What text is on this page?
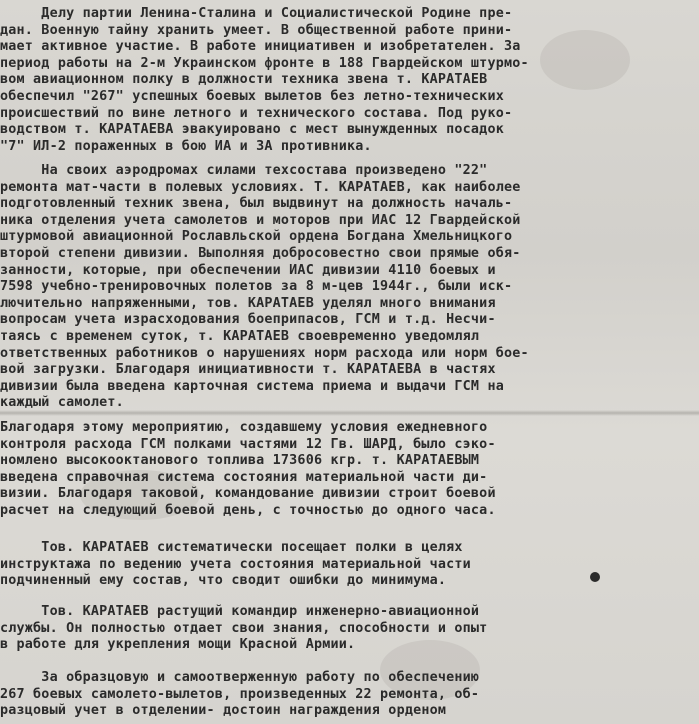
Делу партии Ленина-Сталина и Социалистической Родине пре-
дан. Военную тайну хранить умеет. В общественной работе прини-
мает активное участие. В работе инициативен и изобретателен. За
период работы на 2-м Украинском фронте в 188 Гвардейском штурмо-
вом авиационном полку в должности техника звена т. КАРАТАЕВ
обеспечил "267" успешных боевых вылетов без летно-технических
происшествий по вине летного и технического состава. Под руко-
водством т. КАРАТАЕВА эвакуировано с мест вынужденных посадок
"7" ИЛ-2 пораженных в бою ИА и ЗА противника.

На своих аэродромах силами техсостава произведено "22"
ремонта мат-части в полевых условиях. Т. КАРАТАЕВ, как наиболее
подготовленный техник звена, был выдвинут на должность началь-
ника отделения учета самолетов и моторов при ИАС 12 Гвардейской
штурмовой авиационной Рославльской ордена Богдана Хмельницкого
второй степени дивизии. Выполняя добросовестно свои прямые обя-
занности, которые, при обеспечении ИАС дивизии 4110 боевых и
7598 учебно-тренировочных полетов за 8 м-цев 1944г., были иск-
лючительно напряженными, тов. КАРАТАЕВ уделял много внимания
вопросам учета израсходования боеприпасов, ГСМ и т.д. Несчи-
таясь с временем суток, т. КАРАТАЕВ своевременно уведомлял
ответственных работников о нарушениях норм расхода или норм бое-
вой загрузки. Благодаря инициативности т. КАРАТАЕВА в частях
дивизии была введена карточная система приема и выдачи ГСМ на
каждый самолет.

Благодаря этому мероприятию, создавшему условия ежедневного
контроля расхода ГСМ полками частями 12 Гв. ШАРД, было сэко-
номлено высокооктанового топлива 173606 кгр. т. КАРАТАЕВЫМ
введена справочная система состояния материальной части ди-
визии. Благодаря таковой, командование дивизии строит боевой
расчет на следующий боевой день, с точностью до одного часа.

Тов. КАРАТАЕВ систематически посещает полки в целях
инструктажа по ведению учета состояния материальной части
подчиненный ему состав, что сводит ошибки до минимума.

Тов. КАРАТАЕВ растущий командир инженерно-авиационной
службы. Он полностью отдает свои знания, способности и опыт
в работе для укрепления мощи Красной Армии.

За образцовую и самоотверженную работу по обеспечению
267 боевых самолето-вылетов, произведенных 22 ремонта, об-
разцовый учет в отделении- достоин награждения орденом
